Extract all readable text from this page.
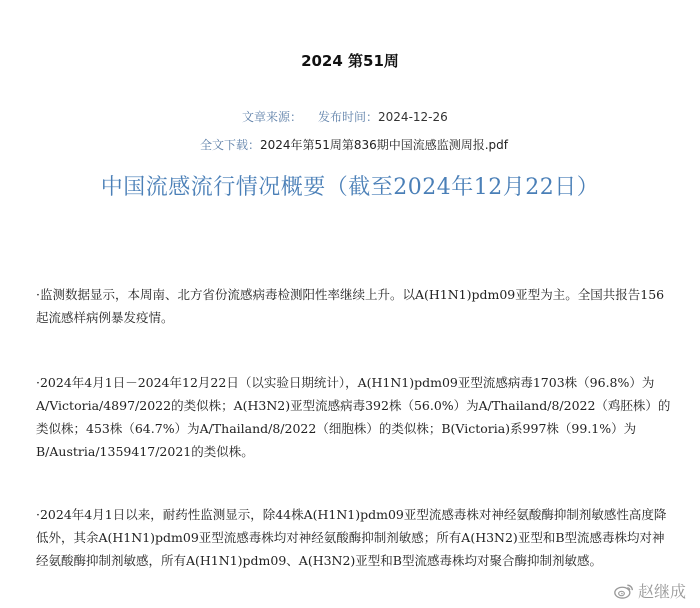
2024 第51周
文章来源： 发布时间：2024-12-26
全文下载：2024年第51周第836期中国流感监测周报.pdf
中国流感流行情况概要（截至2024年12月22日）
·监测数据显示，本周南、北方省份流感病毒检测阳性率继续上升。以A(H1N1)pdm09亚型为主。全国共报告156起流感样病例暴发疫情。
·2024年4月1日－2024年12月22日（以实验日期统计），A(H1N1)pdm09亚型流感病毒1703株（96.8%）为A/Victoria/4897/2022的类似株；A(H3N2)亚型流感病毒392株（56.0%）为A/Thailand/8/2022（鸡胚株）的类似株；453株（64.7%）为A/Thailand/8/2022（细胞株）的类似株；B(Victoria)系997株（99.1%）为B/Austria/1359417/2021的类似株。
·2024年4月1日以来，耐药性监测显示，除44株A(H1N1)pdm09亚型流感毒株对神经氨酸酶抑制剂敏感性高度降低外，其余A(H1N1)pdm09亚型流感毒株均对神经氨酸酶抑制剂敏感；所有A(H3N2)亚型和B型流感毒株均对神经氨酸酶抑制剂敏感，所有A(H1N1)pdm09、A(H3N2)亚型和B型流感毒株均对聚合酶抑制剂敏感。
赵继成
